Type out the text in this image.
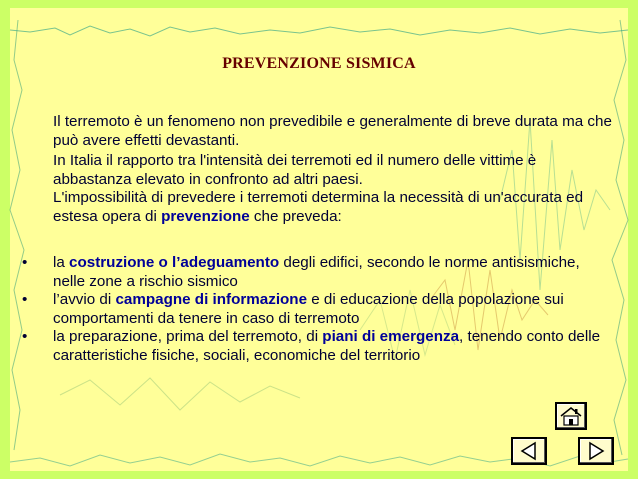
PREVENZIONE SISMICA
Il terremoto è un fenomeno non prevedibile e generalmente di breve durata ma che può avere effetti devastanti.
In Italia il rapporto tra l'intensità dei terremoti ed il numero delle vittime è abbastanza elevato in confronto ad altri paesi.
L'impossibilità di prevedere i terremoti determina la necessità di un'accurata ed estesa opera di prevenzione che preveda:
•	la costruzione o l’adeguamento degli edifici, secondo le norme antisismiche, nelle zone a rischio sismico
•	l’avvio di campagne di informazione e di educazione della popolazione sui comportamenti da tenere in caso di terremoto
•	la preparazione, prima del terremoto, di piani di emergenza, tenendo conto delle caratteristiche fisiche, sociali, economiche del territorio
